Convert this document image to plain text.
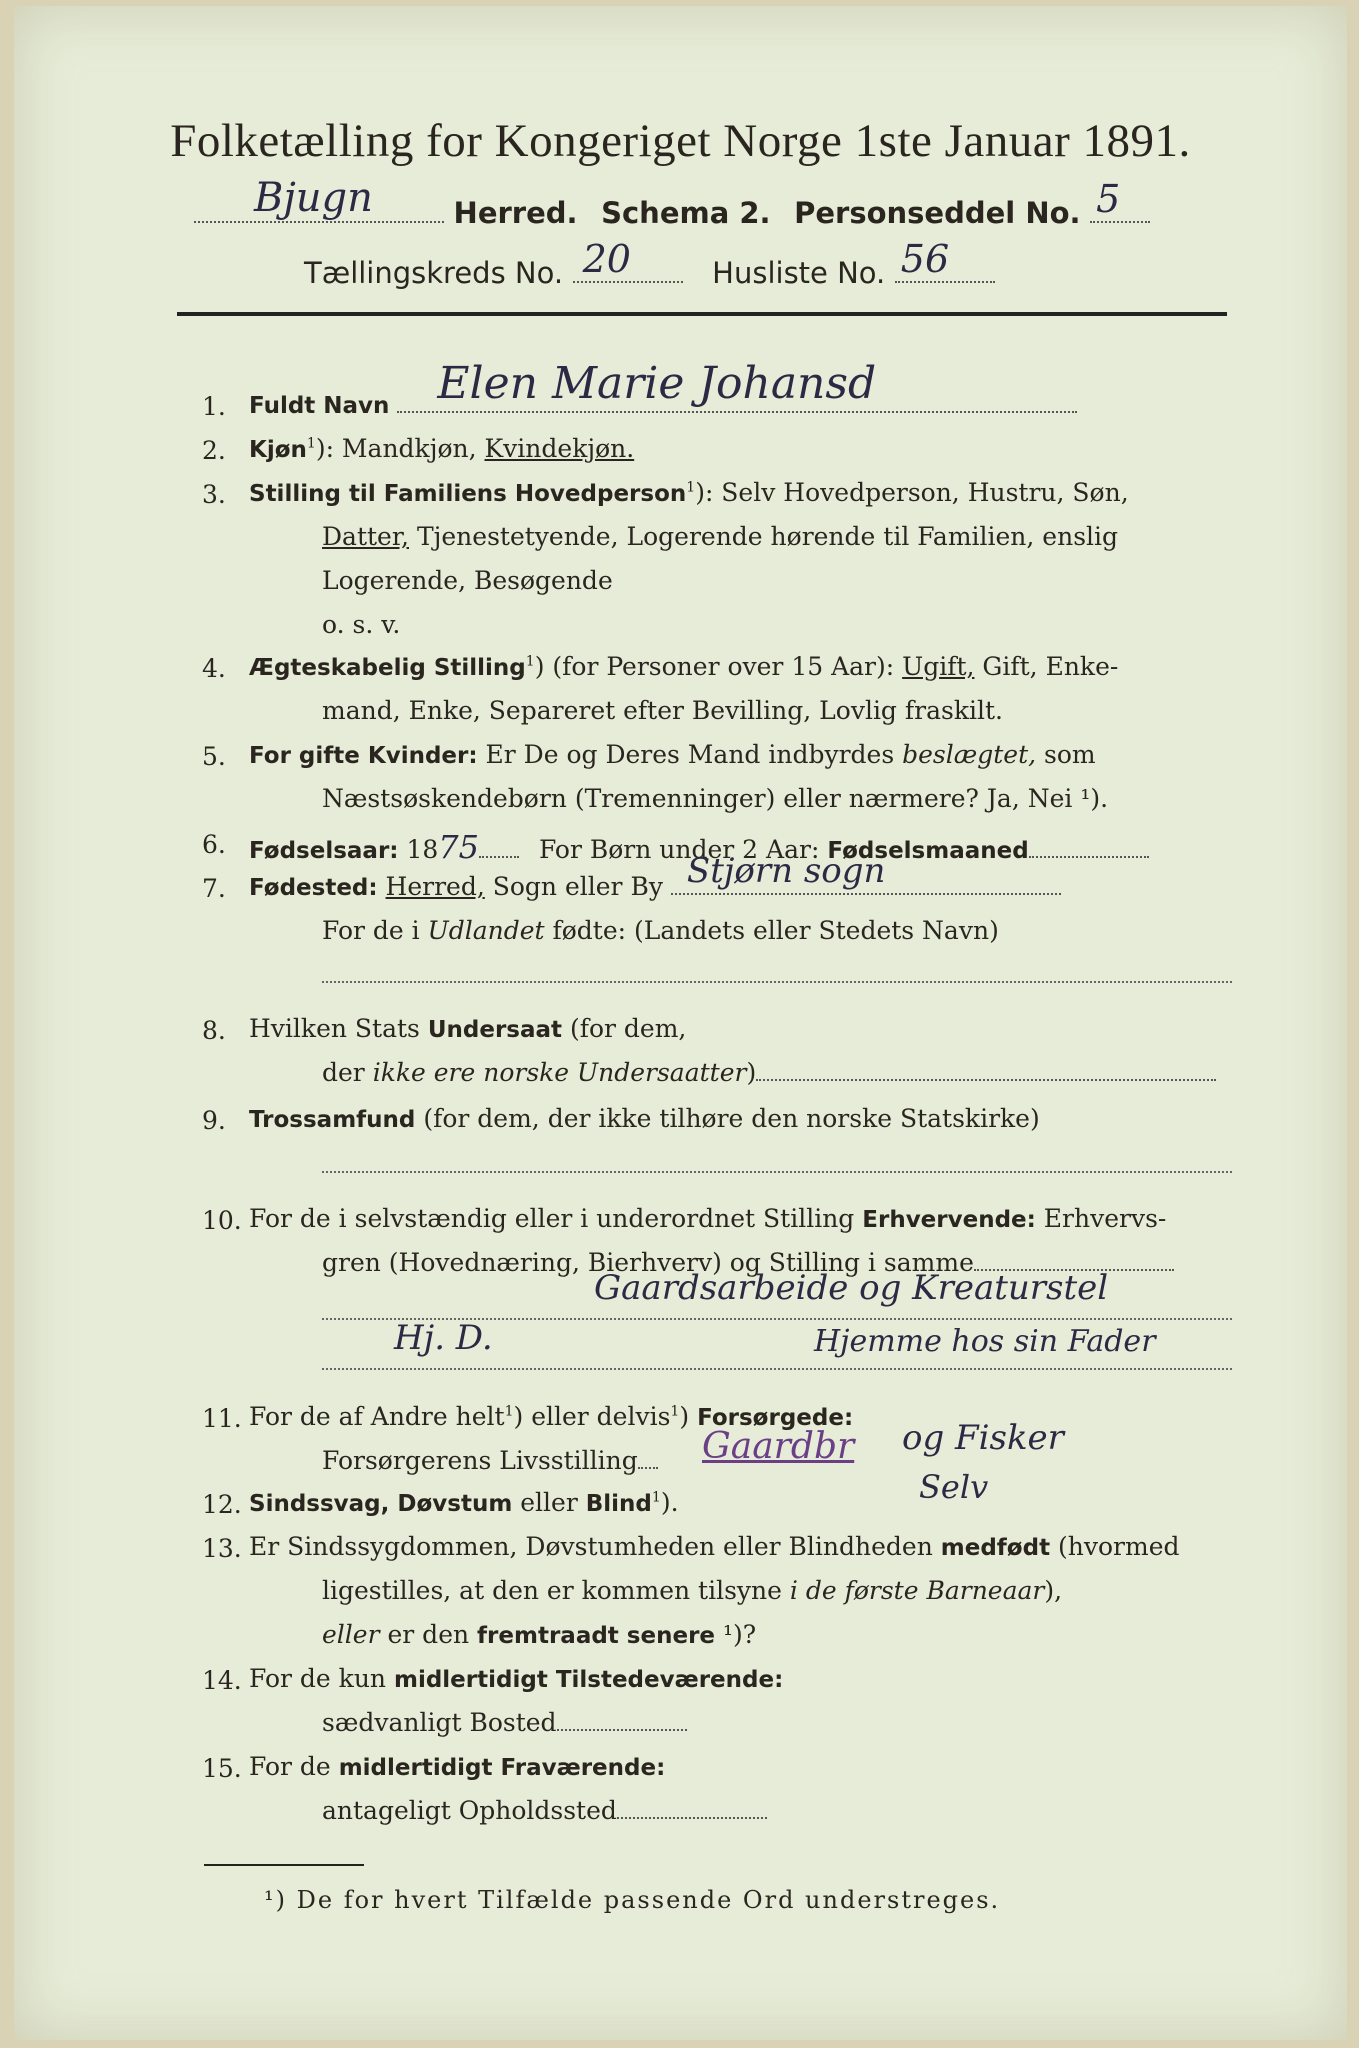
Folketælling for Kongeriget Norge 1ste Januar 1891.
Bjugn	Herred. Schema 2. Personseddel No. 5
Tællingskreds No. 20	Husliste No. 56
1. Fuldt Navn Elen Marie Johansd
2. Kjøn$^1$): Mandkjøn, Kvindekjøn.
3. Stilling til Familiens Hovedperson$^1$): Selv Hovedperson, Hustru, Søn,
Datter, Tjenestetyende, Logerende hørende til Familien, enslig
Logerende, Besøgende
o. s. v.
4. Ægteskabelig Stilling$^1$) (for Personer over 15 Aar): Ugift, Gift, Enke-
mand, Enke, Separeret efter Bevilling, Lovlig fraskilt.
5. For gifte Kvinder: Er De og Deres Mand indbyrdes beslægtet, som
Næstsøskendebørn (Tremenninger) eller nærmere? Ja, Nei ¹).
6. Fødselsaar: 1875 For Børn under 2 Aar: Fødselsmaaned
7. Fødested: Herred, Sogn eller By Stjørn sogn
For de i Udlandet fødte: (Landets eller Stedets Navn)
8. Hvilken Stats Undersaat (for dem,
der ikke ere norske Undersaatter)
9. Trossamfund (for dem, der ikke tilhøre den norske Statskirke)
10. For de i selvstændig eller i underordnet Stilling Erhvervende: Erhvervs-
gren (Hovednæring, Bierhverv) og Stilling i samme
Gaardsarbeide og Kreaturstel
Hj. D.	Hjemme hos sin Fader
11. For de af Andre helt$^1$) eller delvis$^1$) Forsørgede:
Forsørgerens Livsstilling	Gaardbr og Fisker
Selv
12. Sindssvag, Døvstum eller Blind$^1$).
13. Er Sindssygdommen, Døvstumheden eller Blindheden medfødt (hvormed
ligestilles, at den er kommen tilsyne i de første Barneaar),
eller er den fremtraadt senere ¹)?
14. For de kun midlertidigt Tilstedeværende:
sædvanligt Bosted
15. For de midlertidigt Fraværende:
antageligt Opholdssted
¹) De for hvert Tilfælde passende Ord understreges.
